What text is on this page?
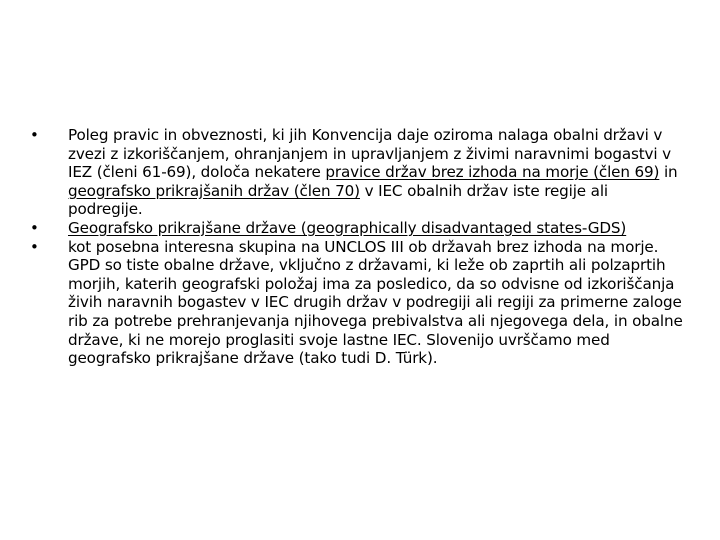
•	Poleg pravic in obveznosti, ki jih Konvencija daje oziroma nalaga obalni državi v zvezi z izkoriščanjem, ohranjanjem in upravljanjem z živimi naravnimi bogastvi v IEZ (členi 61-69), določa nekatere pravice držav brez izhoda na morje (člen 69) in geografsko prikrajšanih držav (člen 70) v IEC obalnih držav iste regije ali podregije.
•	Geografsko prikrajšane države (geographically disadvantaged states-GDS)
•	kot posebna interesna skupina na UNCLOS III ob državah brez izhoda na morje. GPD so tiste obalne države, vključno z državami, ki leže ob zaprtih ali polzaprtih morjih, katerih geografski položaj ima za posledico, da so odvisne od izkoriščanja živih naravnih bogastev v IEC drugih držav v podregiji ali regiji za primerne zaloge rib za potrebe prehranjevanja njihovega prebivalstva ali njegovega dela, in obalne države, ki ne morejo proglasiti svoje lastne IEC. Slovenijo uvrščamo med geografsko prikrajšane države (tako tudi D. Türk).
